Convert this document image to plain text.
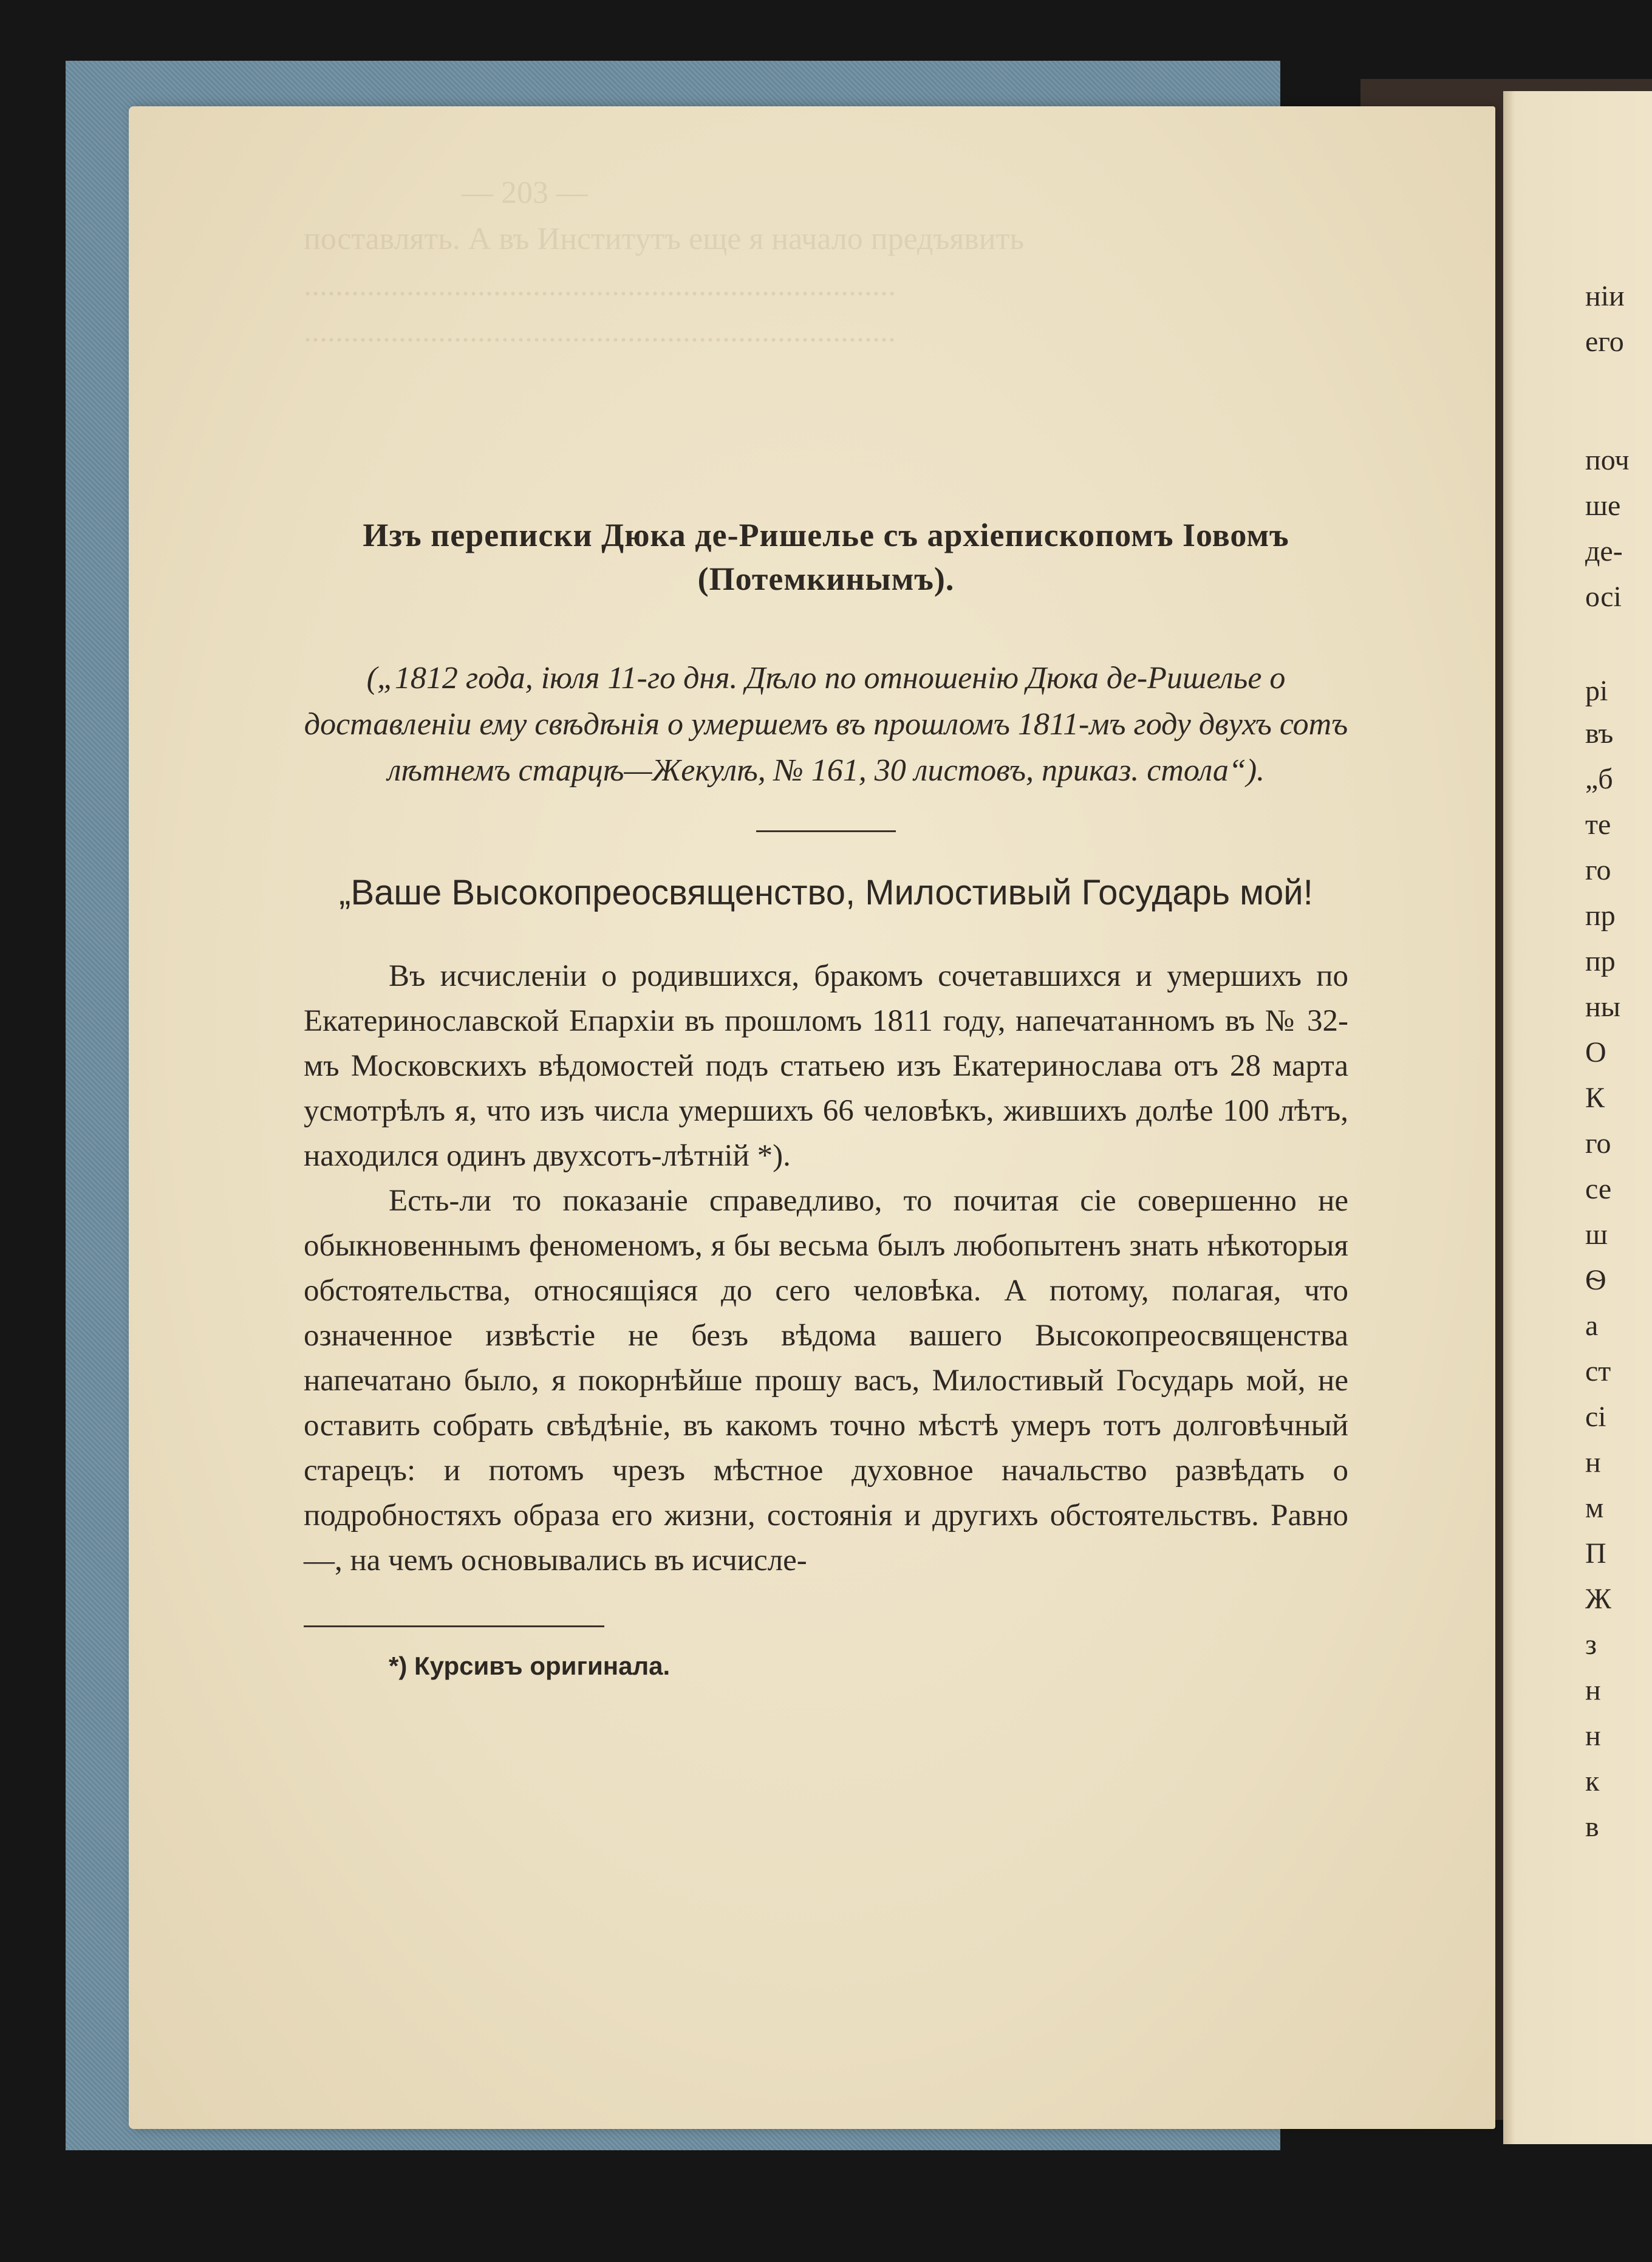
Изъ переписки Дюка де-Ришелье съ архіепископомъ Іовомъ (Потемкинымъ).
(„1812 года, іюля 11-го дня. Дѣло по отношенію Дюка де-Ришелье о доставленіи ему свѣдѣнія о умершемъ въ прошломъ 1811-мъ году двухъ сотъ лѣтнемъ старцѣ—Жекулѣ, № 161, 30 листовъ, приказ. стола“).
„Ваше Высокопреосвященство, Милостивый Государь мой!

Въ исчисленіи о родившихся, бракомъ сочетавшихся и умершихъ по Екатеринославской Епархіи въ прошломъ 1811 году, напечатанномъ въ № 32-мъ Московскихъ вѣдомостей подъ статьею изъ Екатеринослава отъ 28 марта усмотрѣлъ я, что изъ числа умершихъ 66 человѣкъ, жившихъ долѣе 100 лѣтъ, находился одинъ двухсотъ-лѣтній *).

Есть-ли то показаніе справедливо, то почитая сіе совершенно не обыкновеннымъ феноменомъ, я бы весьма былъ любопытенъ знать нѣкоторыя обстоятельства, относящіяся до сего человѣка. А потому, полагая, что означенное извѣстіе не безъ вѣдома вашего Высокопреосвященства напечатано было, я покорнѣйше прошу васъ, Милостивый Государь мой, не оставить собрать свѣдѣніе, въ какомъ точно мѣстѣ умеръ тотъ долговѣчный старецъ: и потомъ чрезъ мѣстное духовное начальство развѣдать о подробностяхъ образа его жизни, состоянія и другихъ обстоятельствъ. Равно—, на чемъ основывались въ исчисле-

*) Курсивъ оригинала.
ніи
его
поч
ше
де-
осі
рі
въ
„б
те
го
пр
пр
ны
О
К
го
се
ш
Ѳ
а
ст
сі
н
м
П
Ж
з
н
н
к
в
